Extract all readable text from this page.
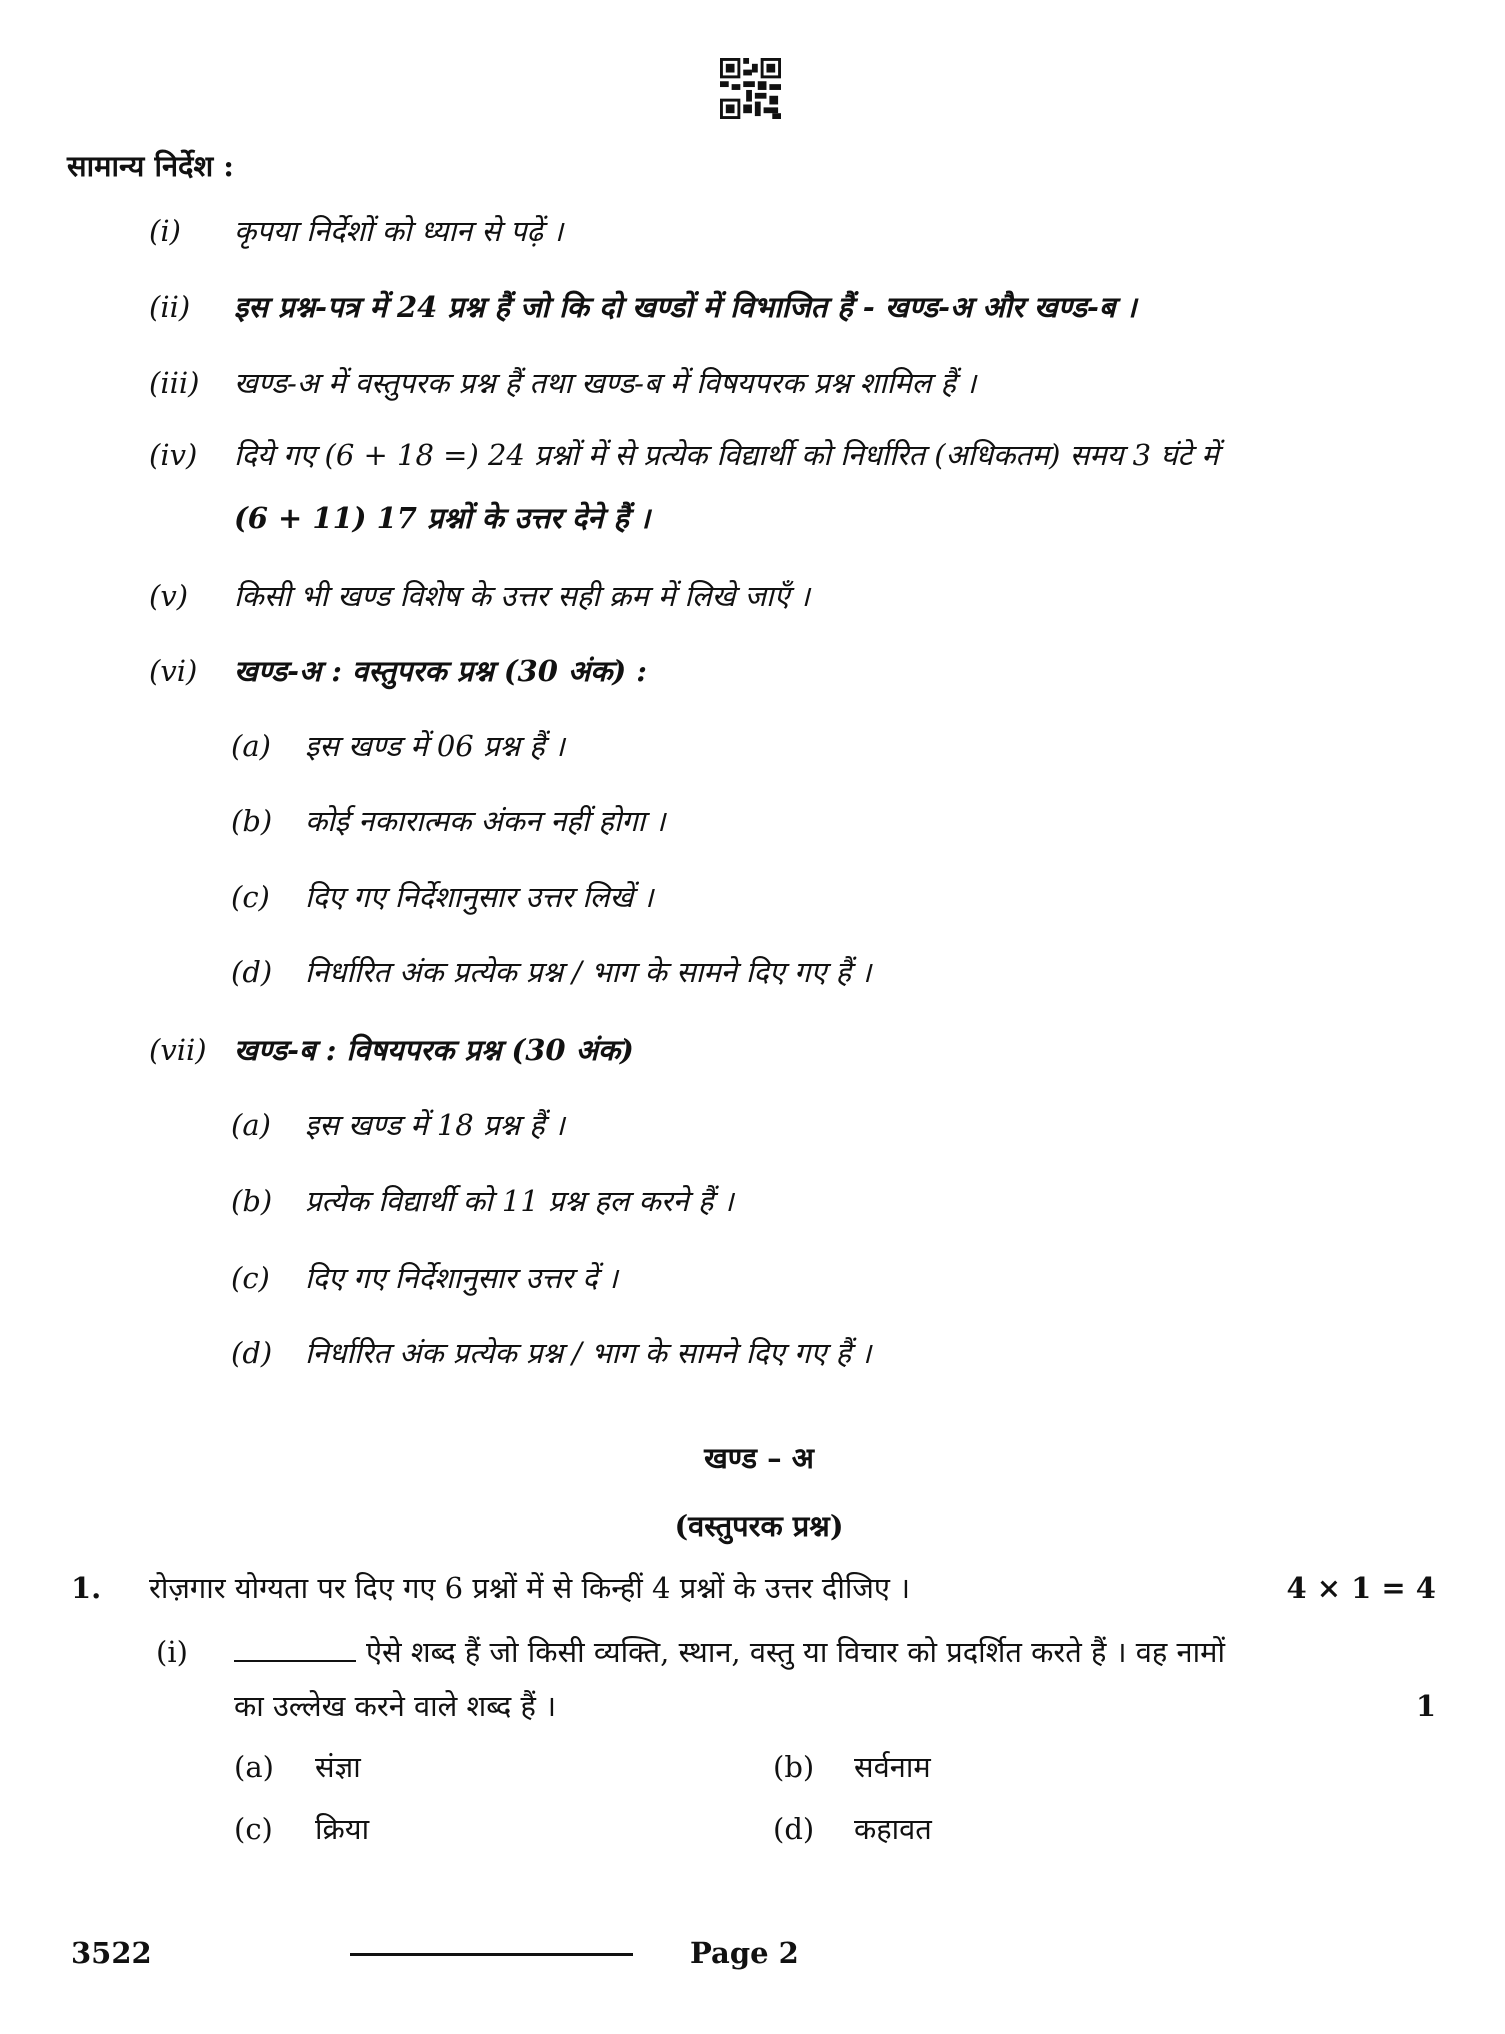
सामान्य निर्देश :
(i) कृपया निर्देशों को ध्यान से पढ़ें ।
(ii) इस प्रश्न-पत्र में 24 प्रश्न हैं जो कि दो खण्डों में विभाजित हैं - खण्ड-अ और खण्ड-ब ।
(iii) खण्ड-अ में वस्तुपरक प्रश्न हैं तथा खण्ड-ब में विषयपरक प्रश्न शामिल हैं ।
(iv) दिये गए (6 + 18 =) 24 प्रश्नों में से प्रत्येक विद्यार्थी को निर्धारित (अधिकतम) समय 3 घंटे में
(6 + 11) 17 प्रश्नों के उत्तर देने हैं ।
(v) किसी भी खण्ड विशेष के उत्तर सही क्रम में लिखे जाएँ ।
(vi) खण्ड-अ : वस्तुपरक प्रश्न (30 अंक) :
(a) इस खण्ड में 06 प्रश्न हैं ।
(b) कोई नकारात्मक अंकन नहीं होगा ।
(c) दिए गए निर्देशानुसार उत्तर लिखें ।
(d) निर्धारित अंक प्रत्येक प्रश्न / भाग के सामने दिए गए हैं ।
(vii) खण्ड-ब : विषयपरक प्रश्न (30 अंक)
(a) इस खण्ड में 18 प्रश्न हैं ।
(b) प्रत्येक विद्यार्थी को 11 प्रश्न हल करने हैं ।
(c) दिए गए निर्देशानुसार उत्तर दें ।
(d) निर्धारित अंक प्रत्येक प्रश्न / भाग के सामने दिए गए हैं ।
खण्ड – अ
(वस्तुपरक प्रश्न)
1. रोज़गार योग्यता पर दिए गए 6 प्रश्नों में से किन्हीं 4 प्रश्नों के उत्तर दीजिए ।	4 × 1 = 4
(i)	ऐसे शब्द हैं जो किसी व्यक्ति, स्थान, वस्तु या विचार को प्रदर्शित करते हैं । वह नामों
का उल्लेख करने वाले शब्द हैं ।	1
(a) संज्ञा	(b) सर्वनाम
(c) क्रिया	(d) कहावत
3522	Page 2
